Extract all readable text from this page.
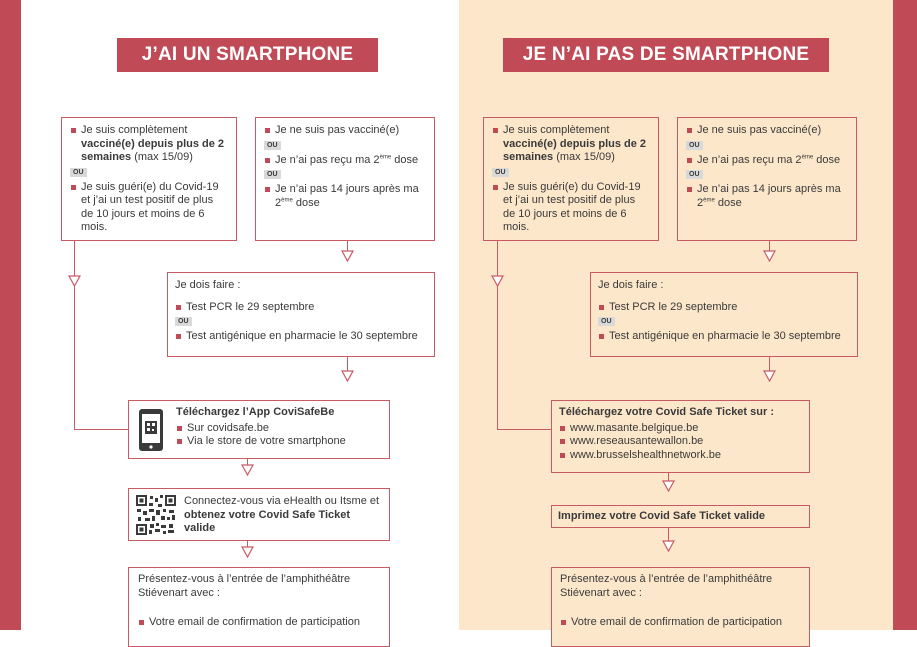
J’AI UN SMARTPHONE	JE N’AI PAS DE SMARTPHONE
Je suis complètement vacciné(e) depuis plus de 2 semaines (max 15/09)
OU
Je suis guéri(e) du Covid-19 et j’ai un test positif de plus de 10 jours et moins de 6 mois.
Je ne suis pas vacciné(e)
OU
Je n’ai pas reçu ma 2ème dose
OU
Je n’ai pas 14 jours après ma 2ème dose
Je dois faire :
Test PCR le 29 septembre
OU
Test antigénique en pharmacie le 30 septembre
Téléchargez l’App CoviSafeBe
Sur covidsafe.be
Via le store de votre smartphone
Connectez-vous via eHealth ou Itsme et obtenez votre Covid Safe Ticket valide
Présentez-vous à l’entrée de l’amphithéâtre Stiévenart avec :
Votre email de confirmation de participation
Je suis complètement vacciné(e) depuis plus de 2 semaines (max 15/09)
OU
Je suis guéri(e) du Covid-19 et j’ai un test positif de plus de 10 jours et moins de 6 mois.
Je ne suis pas vacciné(e)
OU
Je n’ai pas reçu ma 2ème dose
OU
Je n’ai pas 14 jours après ma 2ème dose
Je dois faire :
Test PCR le 29 septembre
OU
Test antigénique en pharmacie le 30 septembre
Téléchargez votre Covid Safe Ticket sur :
www.masante.belgique.be
www.reseausantewallon.be
www.brusselshealthnetwork.be
Imprimez votre Covid Safe Ticket valide
Présentez-vous à l’entrée de l’amphithéâtre Stiévenart avec :
Votre email de confirmation de participation
